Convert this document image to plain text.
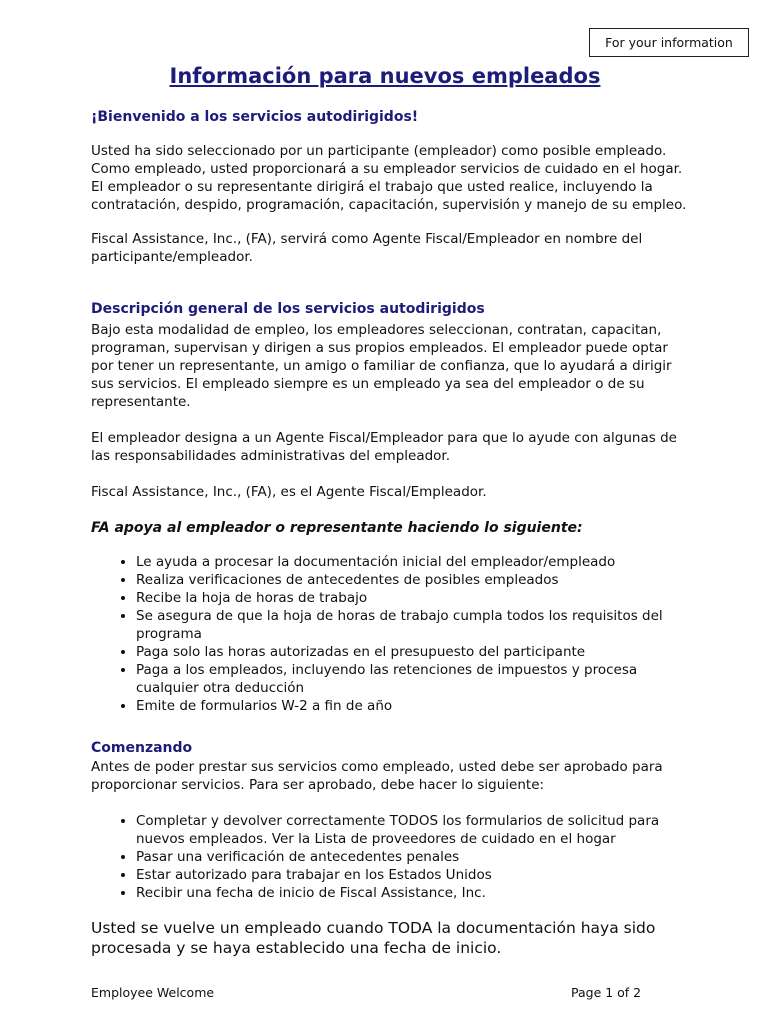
For your information
Información para nuevos empleados

¡Bienvenido a los servicios autodirigidos!

Usted ha sido seleccionado por un participante (empleador) como posible empleado. Como empleado, usted proporcionará a su empleador servicios de cuidado en el hogar. El empleador o su representante dirigirá el trabajo que usted realice, incluyendo la contratación, despido, programación, capacitación, supervisión y manejo de su empleo.

Fiscal Assistance, Inc., (FA), servirá como Agente Fiscal/Empleador en nombre del participante/empleador.

Descripción general de los servicios autodirigidos

Bajo esta modalidad de empleo, los empleadores seleccionan, contratan, capacitan, programan, supervisan y dirigen a sus propios empleados. El empleador puede optar por tener un representante, un amigo o familiar de confianza, que lo ayudará a dirigir sus servicios. El empleado siempre es un empleado ya sea del empleador o de su representante.

El empleador designa a un Agente Fiscal/Empleador para que lo ayude con algunas de las responsabilidades administrativas del empleador.

Fiscal Assistance, Inc., (FA), es el Agente Fiscal/Empleador.

FA apoya al empleador o representante haciendo lo siguiente:

• Le ayuda a procesar la documentación inicial del empleador/empleado
• Realiza verificaciones de antecedentes de posibles empleados
• Recibe la hoja de horas de trabajo
• Se asegura de que la hoja de horas de trabajo cumpla todos los requisitos del programa
• Paga solo las horas autorizadas en el presupuesto del participante
• Paga a los empleados, incluyendo las retenciones de impuestos y procesa cualquier otra deducción
• Emite de formularios W-2 a fin de año

Comenzando

Antes de poder prestar sus servicios como empleado, usted debe ser aprobado para proporcionar servicios. Para ser aprobado, debe hacer lo siguiente:

• Completar y devolver correctamente TODOS los formularios de solicitud para nuevos empleados. Ver la Lista de proveedores de cuidado en el hogar
• Pasar una verificación de antecedentes penales
• Estar autorizado para trabajar en los Estados Unidos
• Recibir una fecha de inicio de Fiscal Assistance, Inc.

Usted se vuelve un empleado cuando TODA la documentación haya sido procesada y se haya establecido una fecha de inicio.

Employee Welcome	Page 1 of 2
